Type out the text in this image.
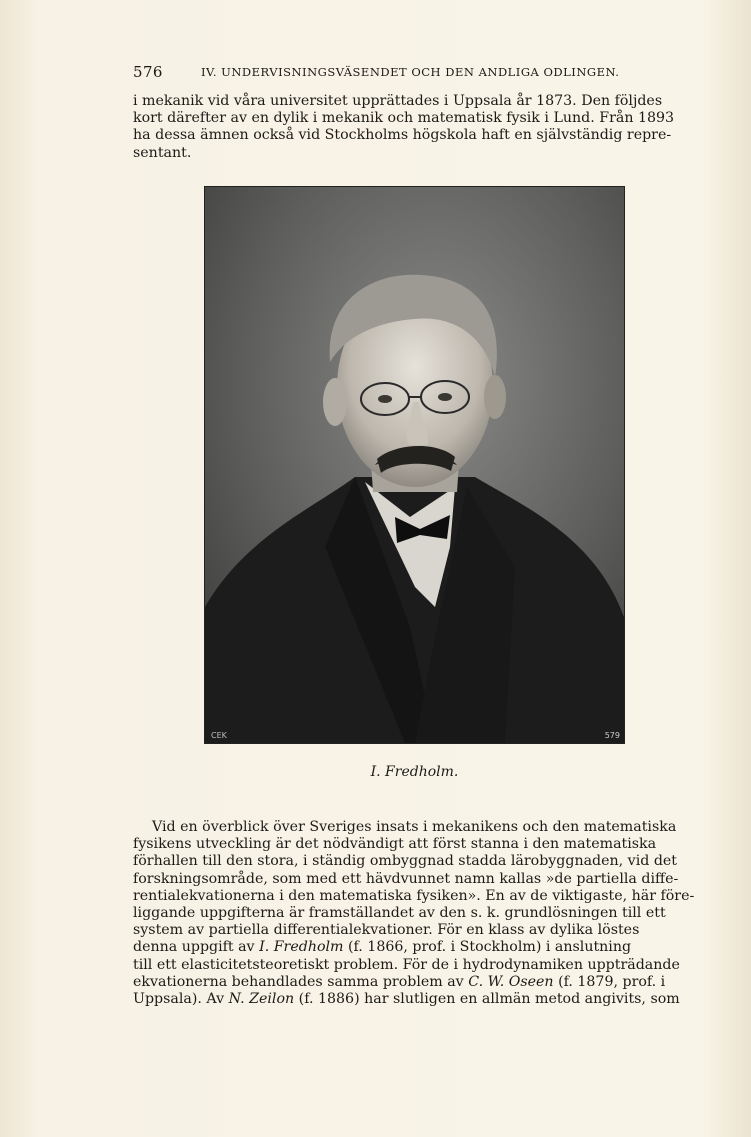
576	IV. UNDERVISNINGSVÄSENDET OCH DEN ANDLIGA ODLINGEN.
i mekanik vid våra universitet upprättades i Uppsala år 1873. Den följdes
kort därefter av en dylik i mekanik och matematisk fysik i Lund. Från 1893
ha dessa ämnen också vid Stockholms högskola haft en självständig repre-
sentant.
CEK	579
I. Fredholm.
Vid en överblick över Sveriges insats i mekanikens och den matematiska
fysikens utveckling är det nödvändigt att först stanna i den matematiska
förhallen till den stora, i ständig ombyggnad stadda lärobyggnaden, vid det
forskningsområde, som med ett hävdvunnet namn kallas »de partiella diffe-
rentialekvationerna i den matematiska fysiken». En av de viktigaste, här före-
liggande uppgifterna är framställandet av den s. k. grundlösningen till ett
system av partiella differentialekvationer. För en klass av dylika löstes
denna uppgift av I. Fredholm (f. 1866, prof. i Stockholm) i anslutning
till ett elasticitetsteoretiskt problem. För de i hydrodynamiken uppträdande
ekvationerna behandlades samma problem av C. W. Oseen (f. 1879, prof. i
Uppsala). Av N. Zeilon (f. 1886) har slutligen en allmän metod angivits, som
